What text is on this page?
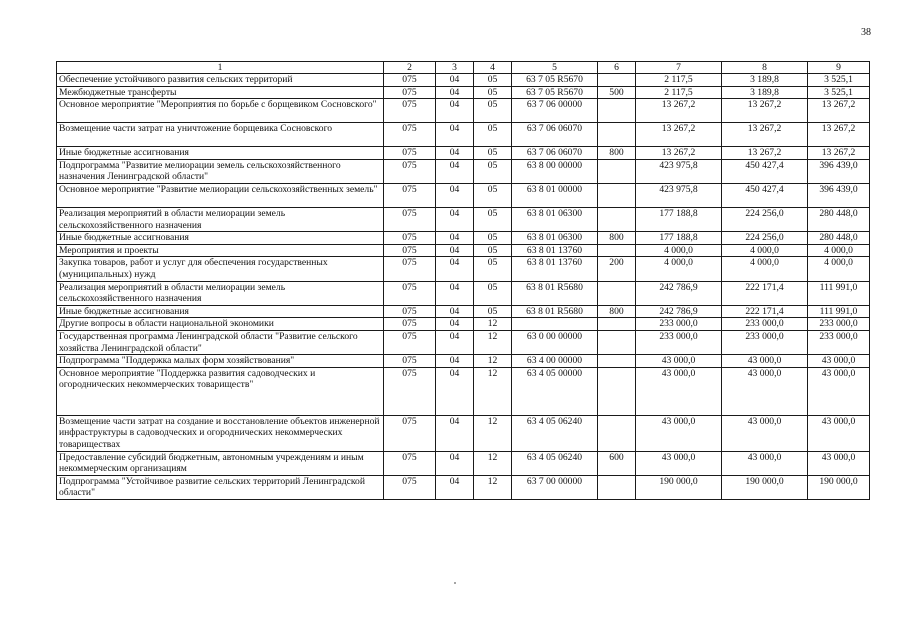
38
1	2	3	4	5	6	7	8	9
Обеспечение устойчивого развития сельских территорий	075	04	05	63 7 05 R5670		2 117,5	3 189,8	3 525,1
Межбюджетные трансферты	075	04	05	63 7 05 R5670	500	2 117,5	3 189,8	3 525,1
Основное мероприятие "Мероприятия по борьбе с борщевиком Сосновского"	075	04	05	63 7 06 00000		13 267,2	13 267,2	13 267,2
Возмещение части затрат на уничтожение борщевика Сосновского	075	04	05	63 7 06 06070		13 267,2	13 267,2	13 267,2
Иные бюджетные ассигнования	075	04	05	63 7 06 06070	800	13 267,2	13 267,2	13 267,2
Подпрограмма "Развитие мелиорации земель сельскохозяйственного назначения Ленинградской области"	075	04	05	63 8 00 00000		423 975,8	450 427,4	396 439,0
Основное мероприятие "Развитие мелиорации сельскохозяйственных земель"	075	04	05	63 8 01 00000		423 975,8	450 427,4	396 439,0
Реализация мероприятий в области мелиорации земель сельскохозяйственного назначения	075	04	05	63 8 01 06300		177 188,8	224 256,0	280 448,0
Иные бюджетные ассигнования	075	04	05	63 8 01 06300	800	177 188,8	224 256,0	280 448,0
Мероприятия и проекты	075	04	05	63 8 01 13760		4 000,0	4 000,0	4 000,0
Закупка товаров, работ и услуг для обеспечения государственных (муниципальных) нужд	075	04	05	63 8 01 13760	200	4 000,0	4 000,0	4 000,0
Реализация мероприятий в области мелиорации земель сельскохозяйственного назначения	075	04	05	63 8 01 R5680		242 786,9	222 171,4	111 991,0
Иные бюджетные ассигнования	075	04	05	63 8 01 R5680	800	242 786,9	222 171,4	111 991,0
Другие вопросы в области национальной экономики	075	04	12			233 000,0	233 000,0	233 000,0
Государственная программа Ленинградской области "Развитие сельского хозяйства Ленинградской области"	075	04	12	63 0 00 00000		233 000,0	233 000,0	233 000,0
Подпрограмма "Поддержка малых форм хозяйствования"	075	04	12	63 4 00 00000		43 000,0	43 000,0	43 000,0
Основное мероприятие "Поддержка развития садоводческих и огороднических некоммерческих товариществ"	075	04	12	63 4 05 00000		43 000,0	43 000,0	43 000,0
Возмещение части затрат на создание и восстановление объектов инженерной инфраструктуры в садоводческих и огороднических некоммерческих товариществах	075	04	12	63 4 05 06240		43 000,0	43 000,0	43 000,0
Предоставление субсидий бюджетным, автономным учреждениям и иным некоммерческим организациям	075	04	12	63 4 05 06240	600	43 000,0	43 000,0	43 000,0
Подпрограмма "Устойчивое развитие сельских территорий Ленинградской области"	075	04	12	63 7 00 00000		190 000,0	190 000,0	190 000,0
